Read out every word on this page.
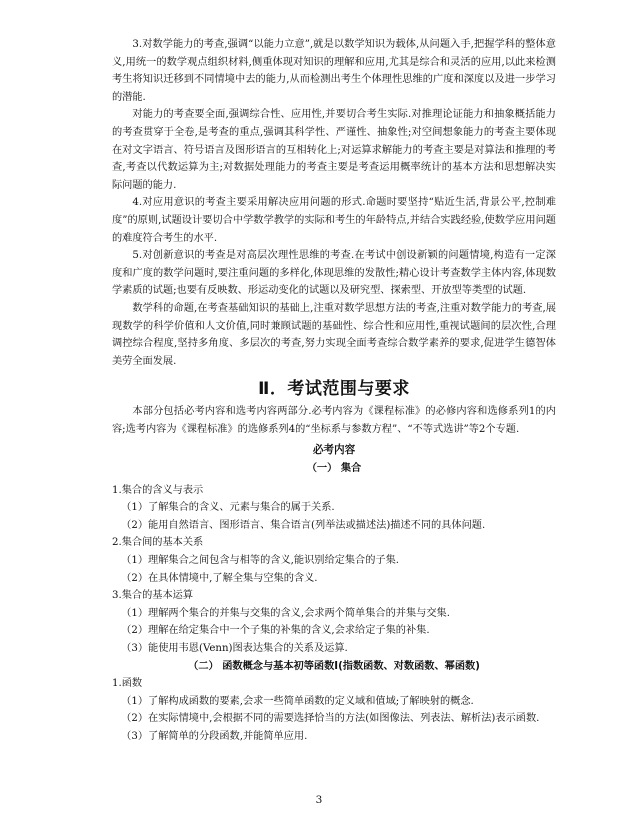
3.对数学能力的考查,强调“以能力立意”,就是以数学知识为载体,从问题入手,把握学科的整体意义,用统一的数学观点组织材料,侧重体现对知识的理解和应用,尤其是综合和灵活的应用,以此来检测考生将知识迁移到不同情境中去的能力,从而检测出考生个体理性思维的广度和深度以及进一步学习的潜能.

对能力的考查要全面,强调综合性、应用性,并要切合考生实际.对推理论证能力和抽象概括能力的考查贯穿于全卷,是考查的重点,强调其科学性、严谨性、抽象性;对空间想象能力的考查主要体现在对文字语言、符号语言及图形语言的互相转化上;对运算求解能力的考查主要是对算法和推理的考查,考查以代数运算为主;对数据处理能力的考查主要是考查运用概率统计的基本方法和思想解决实际问题的能力.

4.对应用意识的考查主要采用解决应用问题的形式.命题时要坚持“贴近生活,背景公平,控制难度”的原则,试题设计要切合中学数学教学的实际和考生的年龄特点,并结合实践经验,使数学应用问题的难度符合考生的水平.

5.对创新意识的考查是对高层次理性思维的考查.在考试中创设新颖的问题情境,构造有一定深度和广度的数学问题时,要注重问题的多样化,体现思维的发散性;精心设计考查数学主体内容,体现数学素质的试题;也要有反映数、形运动变化的试题以及研究型、探索型、开放型等类型的试题.

数学科的命题,在考查基础知识的基础上,注重对数学思想方法的考查,注重对数学能力的考查,展现数学的科学价值和人文价值,同时兼顾试题的基础性、综合性和应用性,重视试题间的层次性,合理调控综合程度,坚持多角度、多层次的考查,努力实现全面考查综合数学素养的要求,促进学生德智体美劳全面发展.

Ⅱ．考试范围与要求

本部分包括必考内容和选考内容两部分.必考内容为《课程标准》的必修内容和选修系列1的内容;选考内容为《课程标准》的选修系列4的“坐标系与参数方程”、“不等式选讲”等2个专题.

必考内容
（一） 集合

1.集合的含义与表示

（1）了解集合的含义、元素与集合的属于关系.

（2）能用自然语言、图形语言、集合语言(列举法或描述法)描述不同的具体问题.

2.集合间的基本关系

（1）理解集合之间包含与相等的含义,能识别给定集合的子集.

（2）在具体情境中,了解全集与空集的含义.

3.集合的基本运算

（1）理解两个集合的并集与交集的含义,会求两个简单集合的并集与交集.

（2）理解在给定集合中一个子集的补集的含义,会求给定子集的补集.

（3）能使用韦恩(Venn)图表达集合的关系及运算.

（二） 函数概念与基本初等函数Ⅰ(指数函数、对数函数、幂函数)

1.函数

（1）了解构成函数的要素,会求一些简单函数的定义域和值域;了解映射的概念.

（2）在实际情境中,会根据不同的需要选择恰当的方法(如图像法、列表法、解析法)表示函数.

（3）了解简单的分段函数,并能简单应用.

3
